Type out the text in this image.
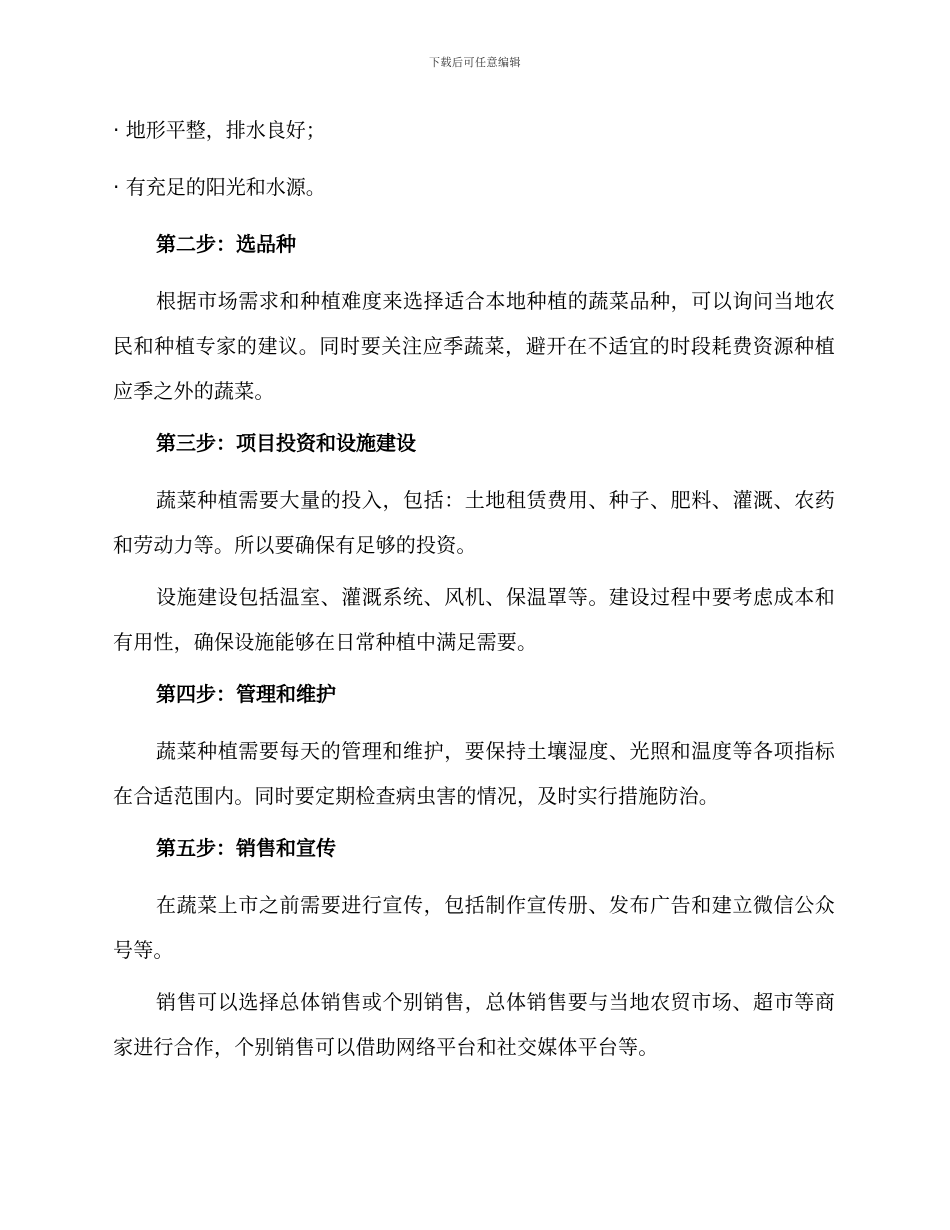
下载后可任意编辑

· 地形平整，排水良好；

· 有充足的阳光和水源。

第二步：选品种

根据市场需求和种植难度来选择适合本地种植的蔬菜品种，可以询问当地农民和种植专家的建议。同时要关注应季蔬菜，避开在不适宜的时段耗费资源种植应季之外的蔬菜。

第三步：项目投资和设施建设

蔬菜种植需要大量的投入，包括：土地租赁费用、种子、肥料、灌溉、农药和劳动力等。所以要确保有足够的投资。

设施建设包括温室、灌溉系统、风机、保温罩等。建设过程中要考虑成本和有用性，确保设施能够在日常种植中满足需要。

第四步：管理和维护

蔬菜种植需要每天的管理和维护，要保持土壤湿度、光照和温度等各项指标在合适范围内。同时要定期检查病虫害的情况，及时实行措施防治。

第五步：销售和宣传

在蔬菜上市之前需要进行宣传，包括制作宣传册、发布广告和建立微信公众号等。

销售可以选择总体销售或个别销售，总体销售要与当地农贸市场、超市等商家进行合作，个别销售可以借助网络平台和社交媒体平台等。
